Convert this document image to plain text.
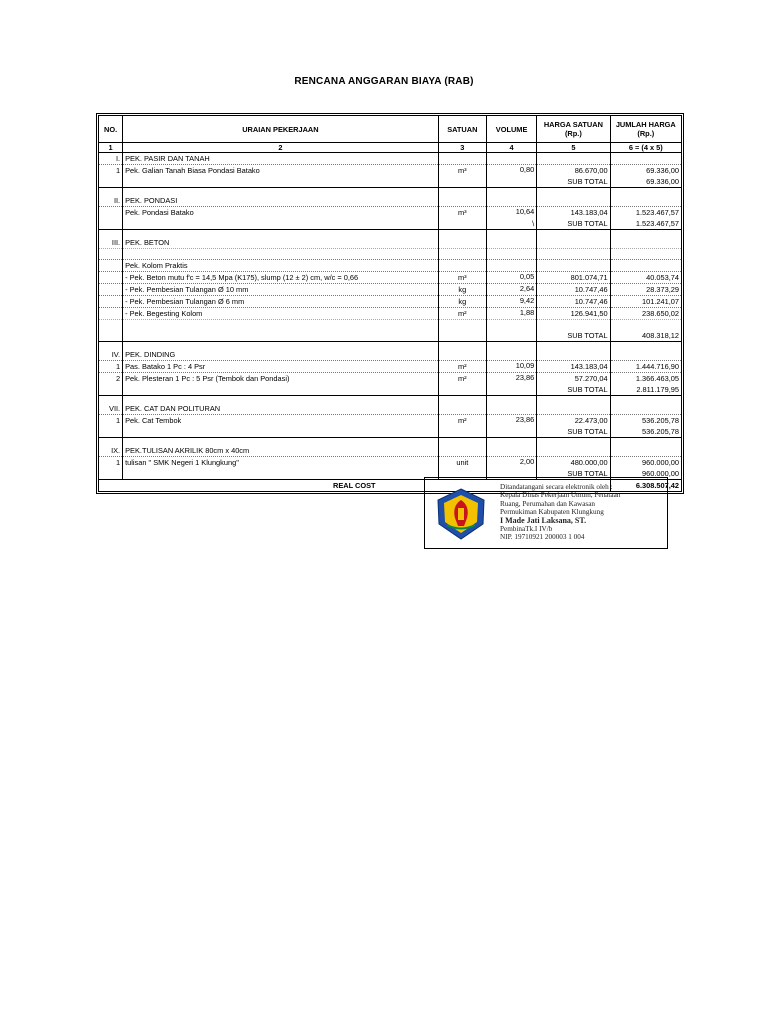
RENCANA ANGGARAN BIAYA (RAB)
NO.	URAIAN PEKERJAAN	SATUAN	VOLUME	HARGA SATUAN (Rp.)	JUMLAH HARGA (Rp.)
1	2	3	4	5	6 = (4 x 5)
I.	PEK. PASIR DAN TANAH				
1	Pek. Galian Tanah Biasa Pondasi Batako	m³	0,80	86.670,00	69.336,00
				SUB TOTAL	69.336,00

II.	PEK. PONDASI				
	Pek. Pondasi Batako	m³	10,64	143.183,04	1.523.467,57
			\	SUB TOTAL	1.523.467,57

III.	PEK. BETON				

	Pek. Kolom Praktis				
	- Pek. Beton mutu f'c = 14,5 Mpa (K175), slump (12 ± 2) cm, w/c = 0,66	m³	0,05	801.074,71	40.053,74
	- Pek. Pembesian Tulangan Ø 10 mm	kg	2,64	10.747,46	28.373,29
	- Pek. Pembesian Tulangan Ø 6 mm	kg	9,42	10.747,46	101.241,07
	- Pek. Begesting Kolom	m²	1,88	126.941,50	238.650,02

				SUB TOTAL	408.318,12

IV.	PEK. DINDING				
1	Pas. Batako 1 Pc : 4 Psr	m²	10,09	143.183,04	1.444.716,90
2	Pek. Plesteran 1 Pc : 5 Psr (Tembok dan Pondasi)	m²	23,86	57.270,04	1.366.463,05
				SUB TOTAL	2.811.179,95

VII.	PEK. CAT DAN POLITURAN				
1	Pek. Cat Tembok	m²	23,86	22.473,00	536.205,78
				SUB TOTAL	536.205,78

IX.	PEK.TULISAN AKRILIK 80cm x 40cm				
1	tulisan " SMK Negeri 1 Klungkung"	unit	2,00	480.000,00	960.000,00
				SUB TOTAL	960.000,00
REAL COST					6.308.507,42
Ditandatangani secara elektronik oleh :
Kepala Dinas Pekerjaan Umum, Penataan
Ruang, Perumahan dan Kawasan
Permukiman Kabupaten Klungkung
I Made Jati Laksana, ST.
PembinaTk.I IV/b
NIP. 19710921 200003 1 004
